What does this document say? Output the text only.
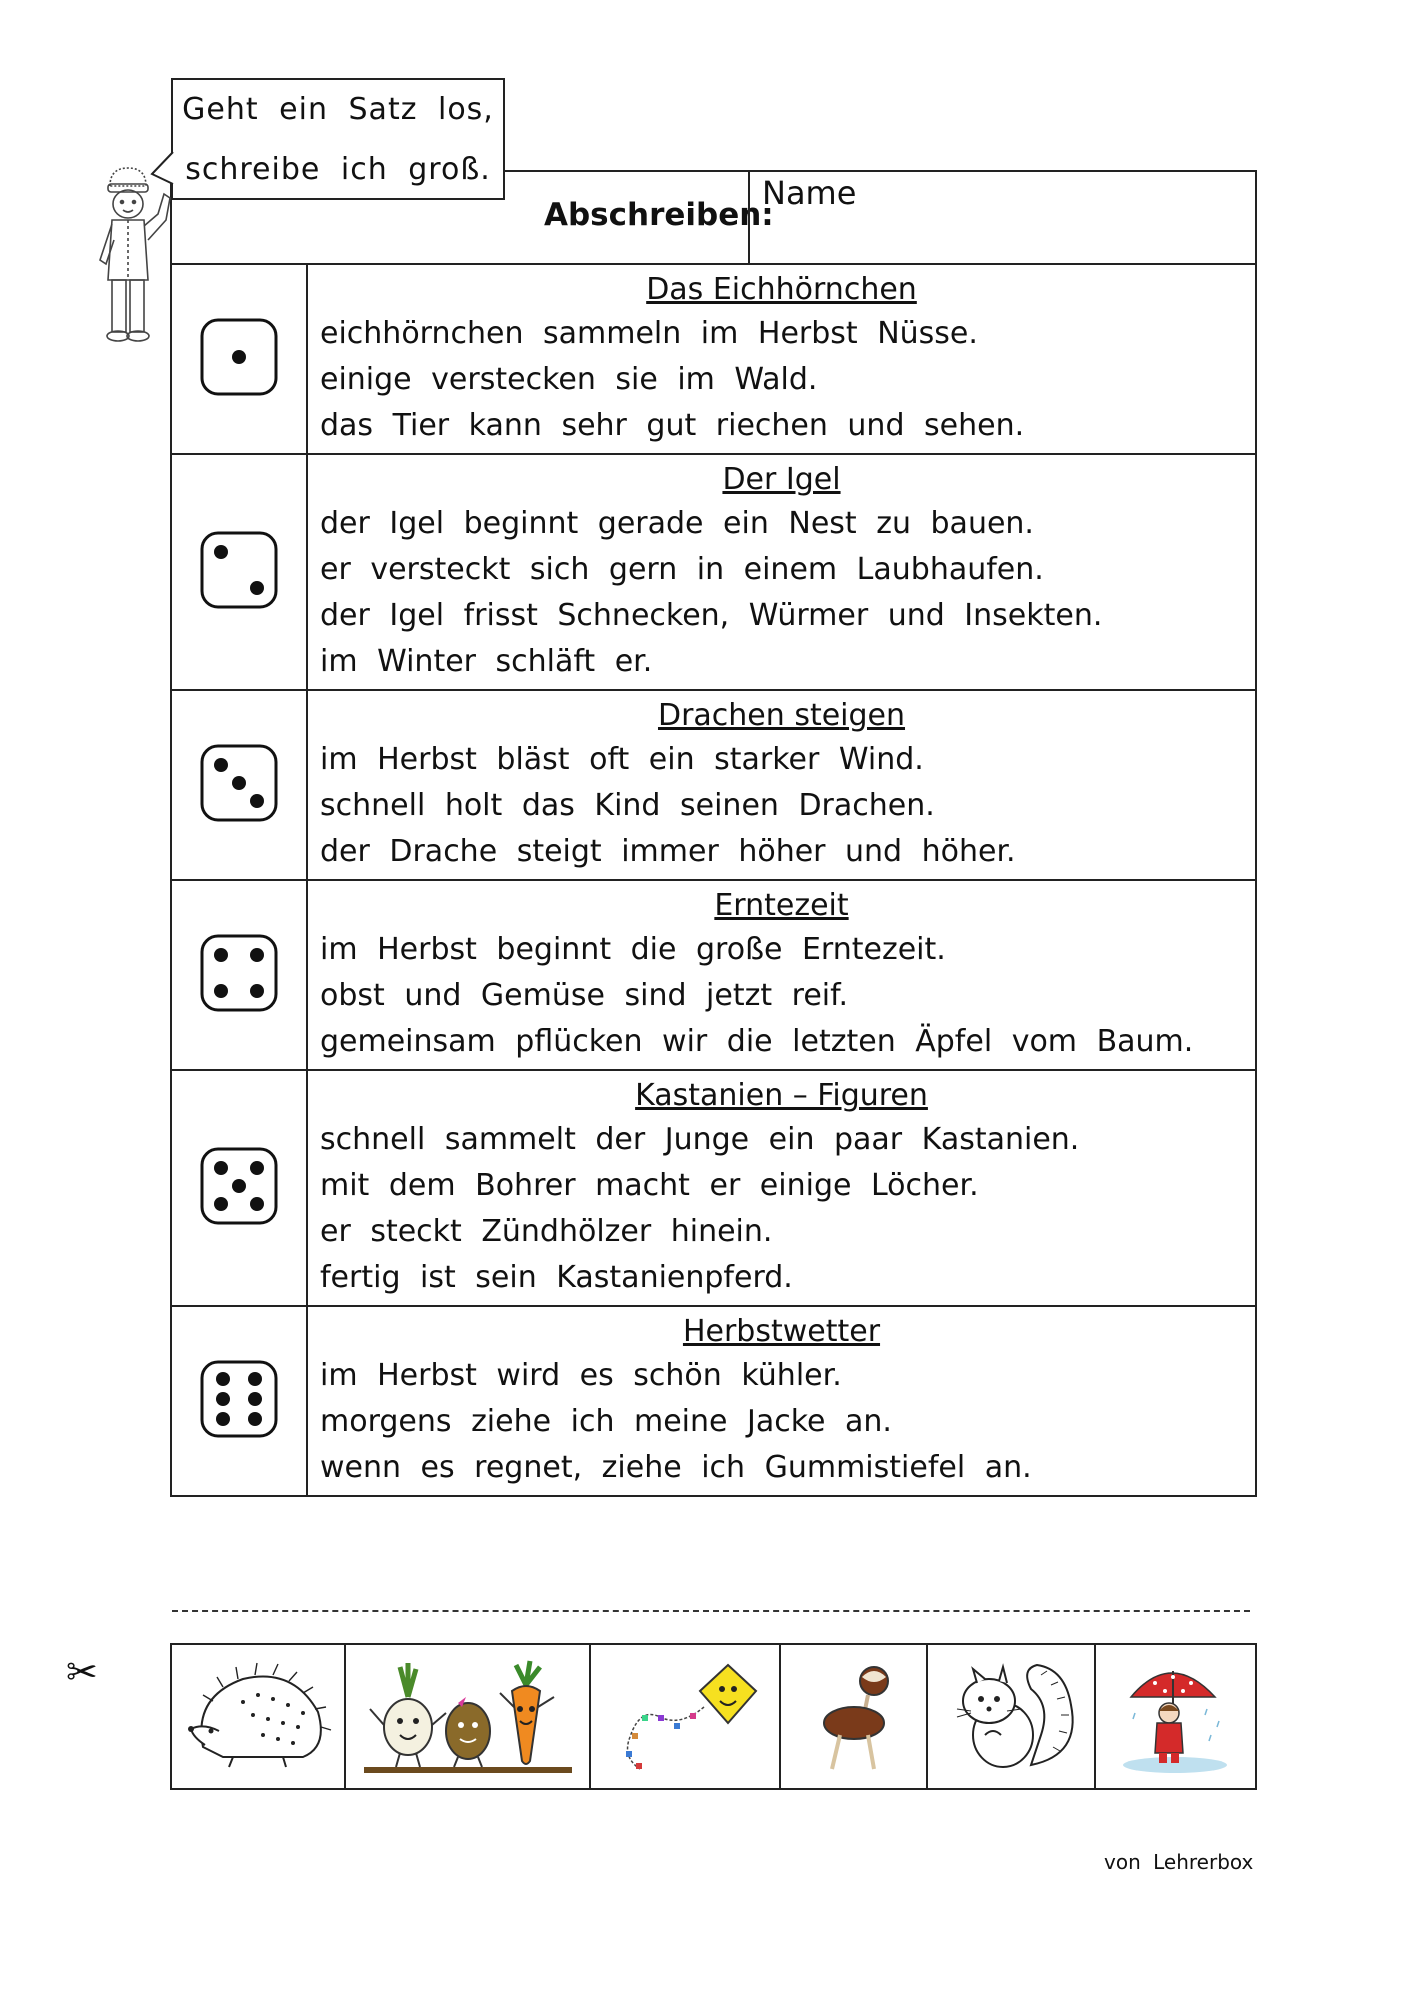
Geht ein Satz los,
schreibe ich groß.
Abschreiben:
Name

Das Eichhörnchen
eichhörnchen sammeln im Herbst Nüsse.
einige verstecken sie im Wald.
das Tier kann sehr gut riechen und sehen.

Der Igel
der Igel beginnt gerade ein Nest zu bauen.
er versteckt sich gern in einem Laubhaufen.
der Igel frisst Schnecken, Würmer und Insekten.
im Winter schläft er.

Drachen steigen
im Herbst bläst oft ein starker Wind.
schnell holt das Kind seinen Drachen.
der Drache steigt immer höher und höher.

Erntezeit
im Herbst beginnt die große Erntezeit.
obst und Gemüse sind jetzt reif.
gemeinsam pflücken wir die letzten Äpfel vom Baum.

Kastanien – Figuren
schnell sammelt der Junge ein paar Kastanien.
mit dem Bohrer macht er einige Löcher.
er steckt Zündhölzer hinein.
fertig ist sein Kastanienpferd.

Herbstwetter
im Herbst wird es schön kühler.
morgens ziehe ich meine Jacke an.
wenn es regnet, ziehe ich Gummistiefel an.
✂
von Lehrerbox
